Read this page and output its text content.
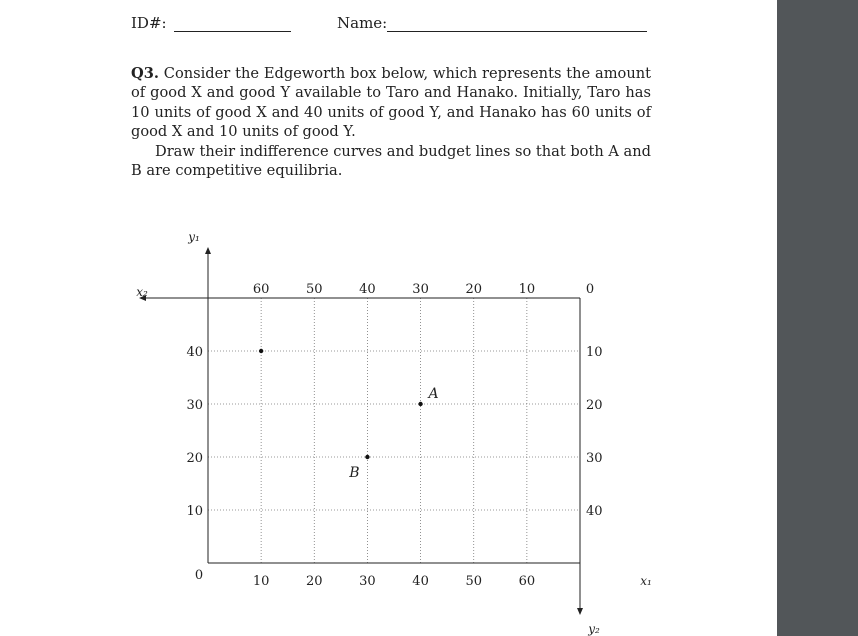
ID#:	Name:

Q3. Consider the Edgeworth box below, which represents the amount of good X and good Y available to Taro and Hanako. Initially, Taro has 10 units of good X and 40 units of good Y, and Hanako has 60 units of good X and 10 units of good Y.

Draw their indifference curves and budget lines so that both A and B are competitive equilibria.

y₁
x₂
x₁
y₂
10	20	30	40	50	60
0
10
20
30
40
60	50	40	30	20	10	0
10
20
30
40
A
B
